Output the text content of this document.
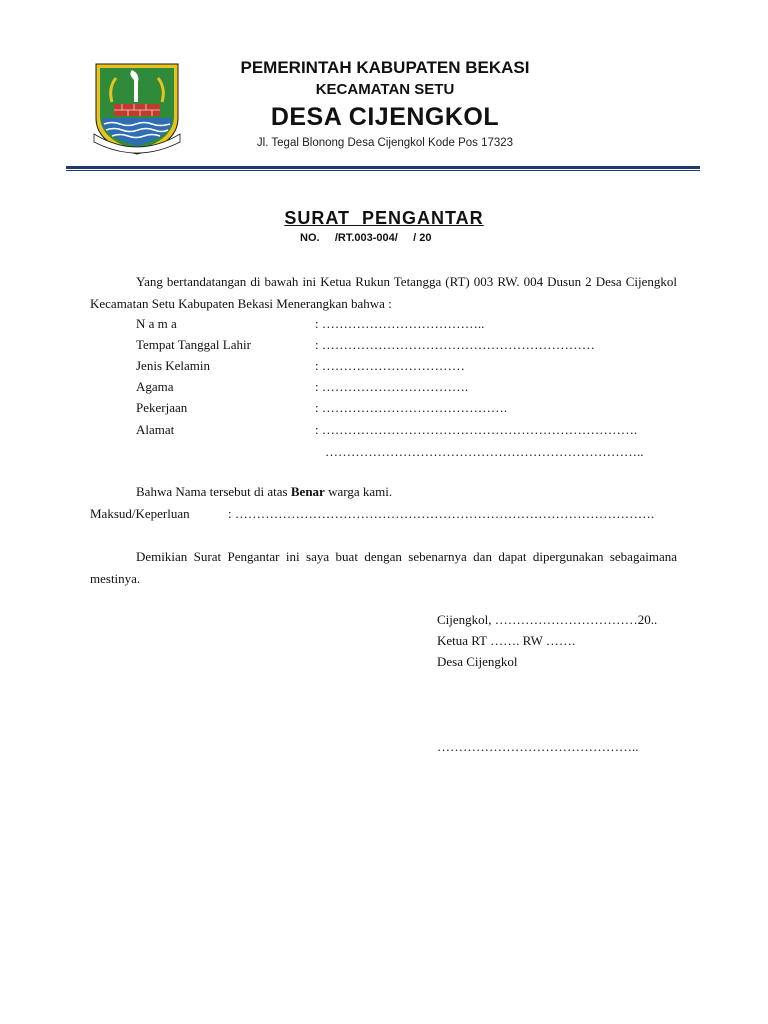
PEMERINTAH KABUPATEN BEKASI
KECAMATAN SETU
DESA CIJENGKOL
Jl. Tegal Blonong Desa Cijengkol Kode Pos 17323
SURAT PENGANTAR
NO.     /RT.003-004/     / 20
Yang bertandatangan di bawah ini Ketua Rukun Tetangga (RT) 003 RW. 004 Dusun 2 Desa Cijengkol Kecamatan Setu Kabupaten Bekasi Menerangkan bahwa :
N a m a	: ………………………………..
Tempat Tanggal Lahir	: ………………………………………………………
Jenis Kelamin	: ……………………………
Agama	: …………………………….
Pekerjaan	: …………………………………….
Alamat	: ……………………………………………………………….
………………………………………………………………..
Bahwa Nama tersebut di atas Benar warga kami.
Maksud/Keperluan	: …………………………………………………………………………………….
Demikian Surat Pengantar ini saya buat dengan sebenarnya dan dapat dipergunakan sebagaimana mestinya.
Cijengkol, ……………………………20..
Ketua RT ……. RW …….
Desa Cijengkol
………………………………………..
